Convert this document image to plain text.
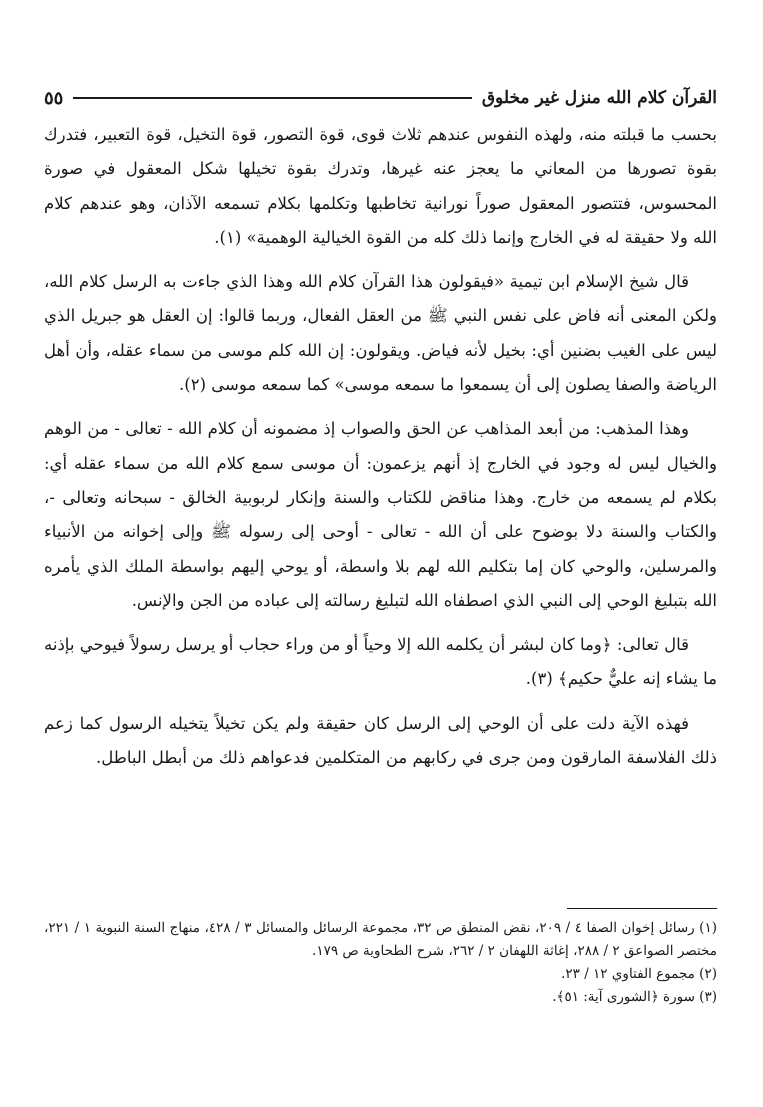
القرآن كلام الله منزل غير مخلوق
٥٥

بحسب ما قبلته منه، ولهذه النفوس عندهم ثلاث قوى، قوة التصور، قوة التخيل، قوة التعبير، فتدرك بقوة تصورها من المعاني ما يعجز عنه غيرها، وتدرك بقوة تخيلها شكل المعقول في صورة المحسوس، فتتصور المعقول صوراً نورانية تخاطبها وتكلمها بكلام تسمعه الآذان، وهو عندهم كلام الله ولا حقيقة له في الخارج وإنما ذلك كله من القوة الخيالية الوهمية» (١).

قال شيخ الإسلام ابن تيمية «فيقولون هذا القرآن كلام الله وهذا الذي جاءت به الرسل كلام الله، ولكن المعنى أنه فاض على نفس النبي ﷺ من العقل الفعال، وربما قالوا: إن العقل هو جبريل الذي ليس على الغيب بضنين أي: بخيل لأنه فياض. ويقولون: إن الله كلم موسى من سماء عقله، وأن أهل الرياضة والصفا يصلون إلى أن يسمعوا ما سمعه موسى» كما سمعه موسى (٢).

وهذا المذهب: من أبعد المذاهب عن الحق والصواب إذ مضمونه أن كلام الله - تعالى - من الوهم والخيال ليس له وجود في الخارج إذ أنهم يزعمون: أن موسى سمع كلام الله من سماء عقله أي: بكلام لم يسمعه من خارج. وهذا مناقض للكتاب والسنة وإنكار لربوبية الخالق - سبحانه وتعالى -، والكتاب والسنة دلا بوضوح على أن الله - تعالى - أوحى إلى رسوله ﷺ وإلى إخوانه من الأنبياء والمرسلين، والوحي كان إما بتكليم الله لهم بلا واسطة، أو يوحي إليهم بواسطة الملك الذي يأمره الله بتبليغ الوحي إلى النبي الذي اصطفاه الله لتبليغ رسالته إلى عباده من الجن والإنس.

قال تعالى: ﴿وما كان لبشر أن يكلمه الله إلا وحياً أو من وراء حجاب أو يرسل رسولاً فيوحي بإذنه ما يشاء إنه عليٌّ حكيم﴾ (٣).

فهذه الآية دلت على أن الوحي إلى الرسل كان حقيقة ولم يكن تخيلاً يتخيله الرسول كما زعم ذلك الفلاسفة المارقون ومن جرى في ركابهم من المتكلمين فدعواهم ذلك من أبطل الباطل.

(١) رسائل إخوان الصفا ٤ / ٢٠٩، نقض المنطق ص ٣٢، مجموعة الرسائل والمسائل ٣ / ٤٢٨، منهاج السنة النبوية ١ / ٢٢١، مختصر الصواعق ٢ / ٢٨٨، إغاثة اللهفان ٢ / ٢٦٢، شرح الطحاوية ص ١٧٩.

(٢) مجموع الفتاوي ١٢ / ٢٣.

(٣) سورة ﴿الشورى آية: ٥١﴾.
